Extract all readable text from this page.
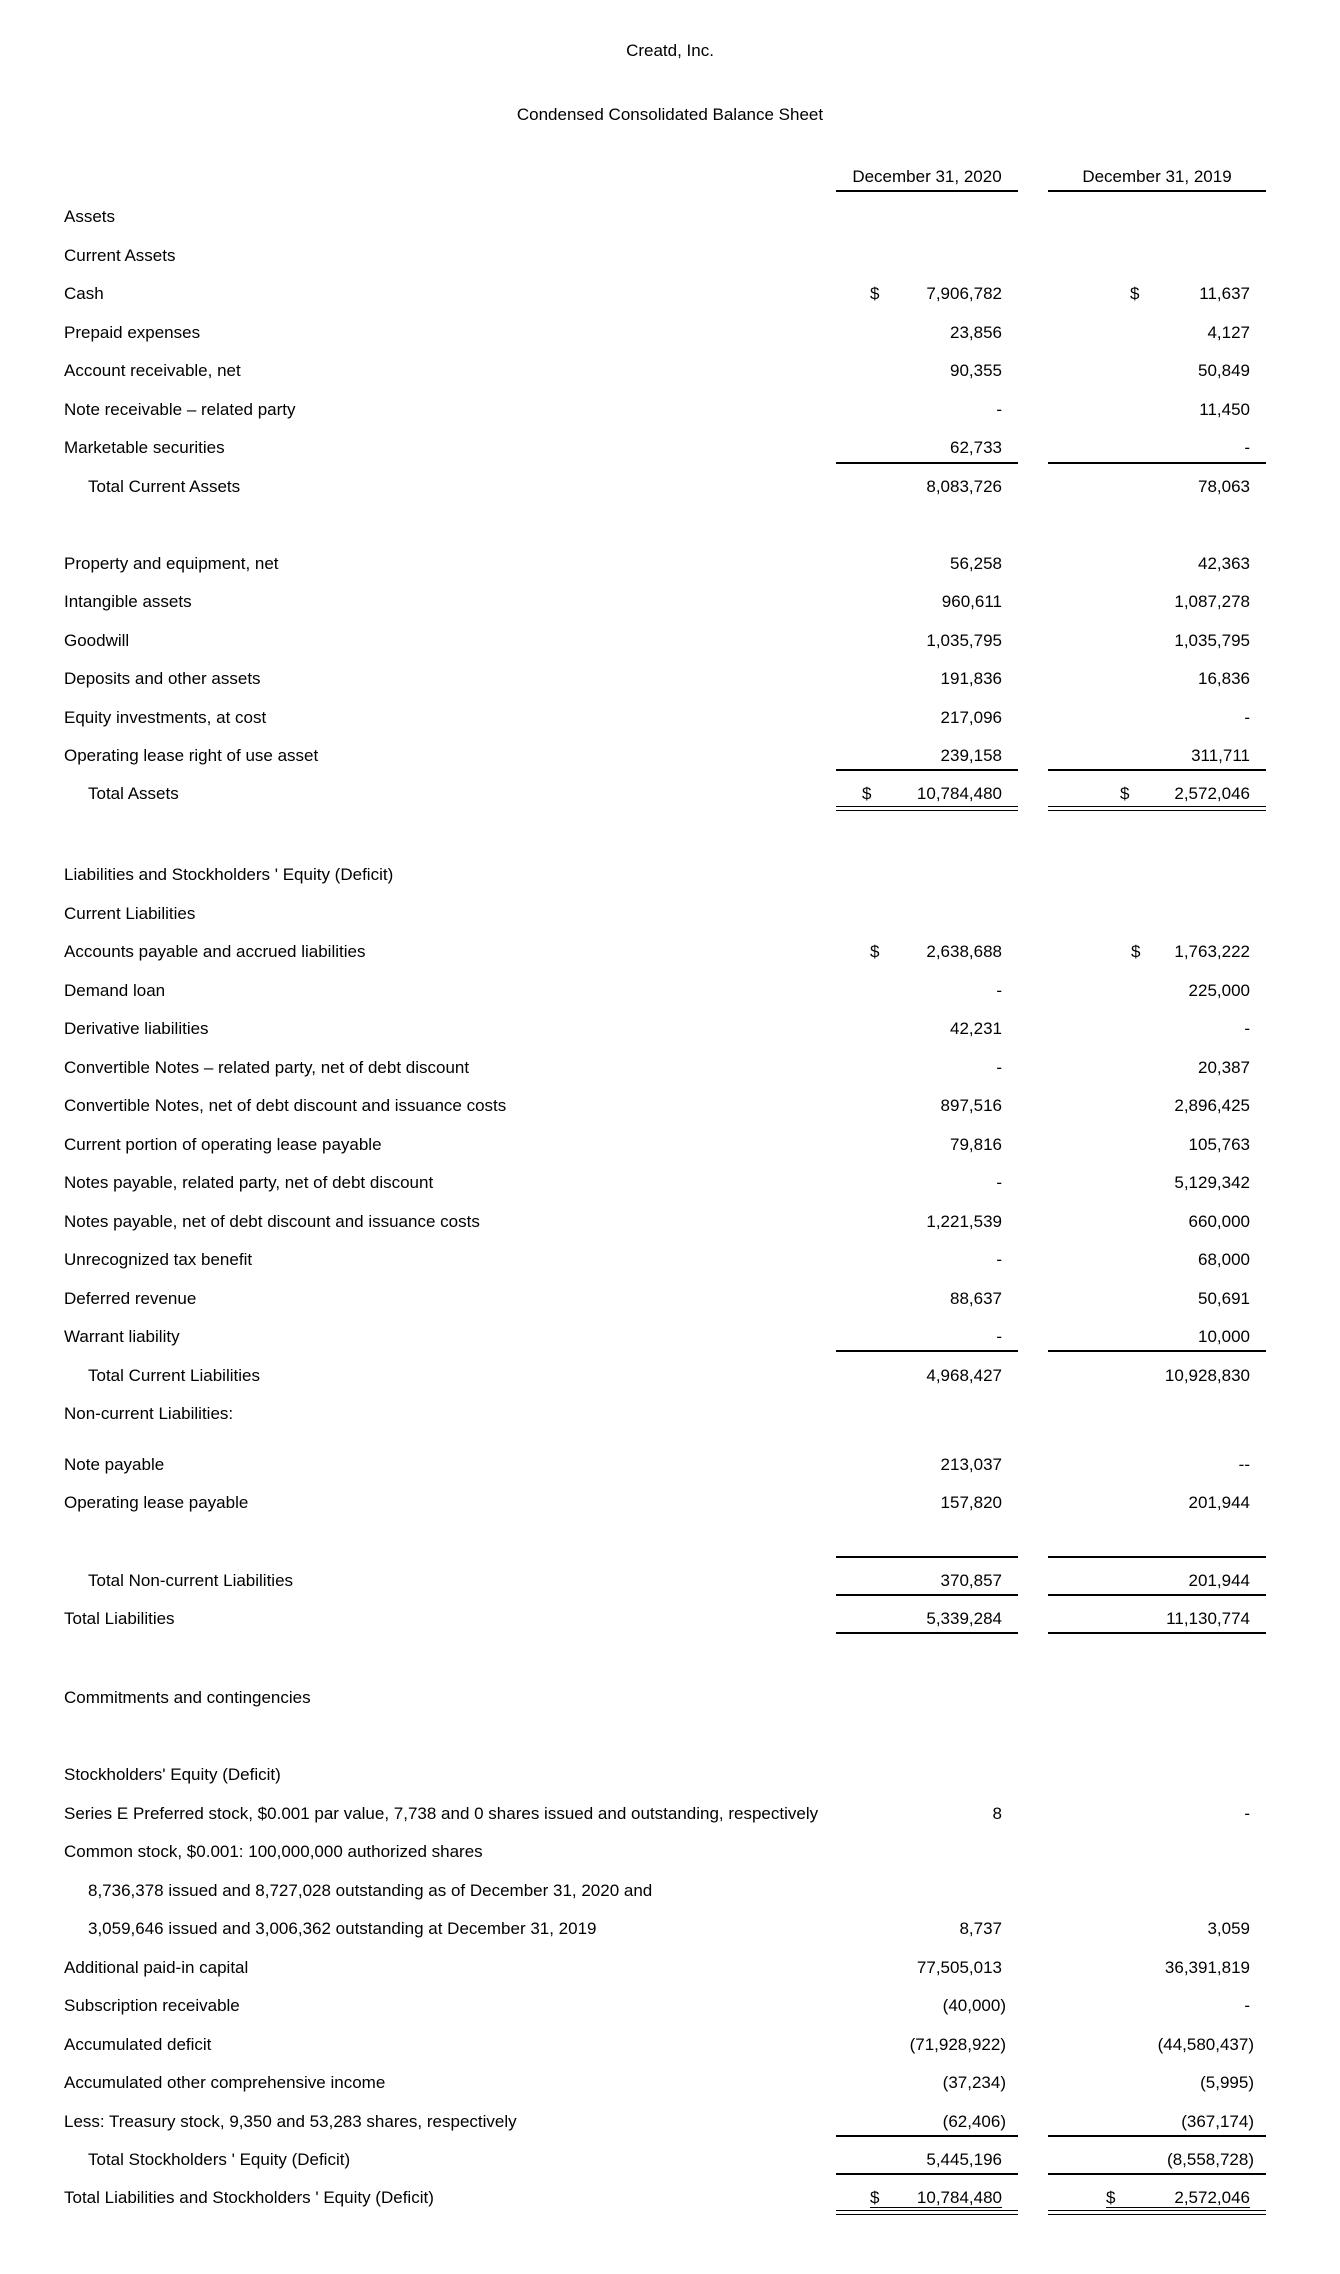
Creatd, Inc.
Condensed Consolidated Balance Sheet
December 31, 2020	December 31, 2019
Assets
Current Assets
Cash	$	7,906,782	$	11,637
Prepaid expenses	23,856	4,127
Account receivable, net	90,355	50,849
Note receivable – related party	-	11,450
Marketable securities	62,733	-
Total Current Assets	8,083,726	78,063
Property and equipment, net	56,258	42,363
Intangible assets	960,611	1,087,278
Goodwill	1,035,795	1,035,795
Deposits and other assets	191,836	16,836
Equity investments, at cost	217,096	-
Operating lease right of use asset	239,158	311,711
Total Assets	$	10,784,480	$	2,572,046
Liabilities and Stockholders ' Equity (Deficit)
Current Liabilities
Accounts payable and accrued liabilities	$	2,638,688	$ 1,763,222
Demand loan	-	225,000
Derivative liabilities	42,231	-
Convertible Notes – related party, net of debt discount	-	20,387
Convertible Notes, net of debt discount and issuance costs	897,516	2,896,425
Current portion of operating lease payable	79,816	105,763
Notes payable, related party, net of debt discount	-	5,129,342
Notes payable, net of debt discount and issuance costs	1,221,539	660,000
Unrecognized tax benefit	-	68,000
Deferred revenue	88,637	50,691
Warrant liability	-	10,000
Total Current Liabilities	4,968,427	10,928,830
Non-current Liabilities:
Note payable	213,037	--
Operating lease payable	157,820	201,944
Total Non-current Liabilities	370,857	201,944
Total Liabilities	5,339,284	11,130,774
Commitments and contingencies
Stockholders' Equity (Deficit)
Series E Preferred stock, $0.001 par value, 7,738 and 0 shares issued and outstanding, respectively	8	-
Common stock, $0.001: 100,000,000 authorized shares
8,736,378 issued and 8,727,028 outstanding as of December 31, 2020 and
3,059,646 issued and 3,006,362 outstanding at December 31, 2019	8,737	3,059
Additional paid-in capital	77,505,013	36,391,819
Subscription receivable	(40,000)	-
Accumulated deficit	(71,928,922)	(44,580,437)
Accumulated other comprehensive income	(37,234)	(5,995)
Less: Treasury stock, 9,350 and 53,283 shares, respectively	(62,406)	(367,174)
Total Stockholders ' Equity (Deficit)	5,445,196	(8,558,728)
Total Liabilities and Stockholders ' Equity (Deficit)	$ 10,784,480	$	2,572,046
